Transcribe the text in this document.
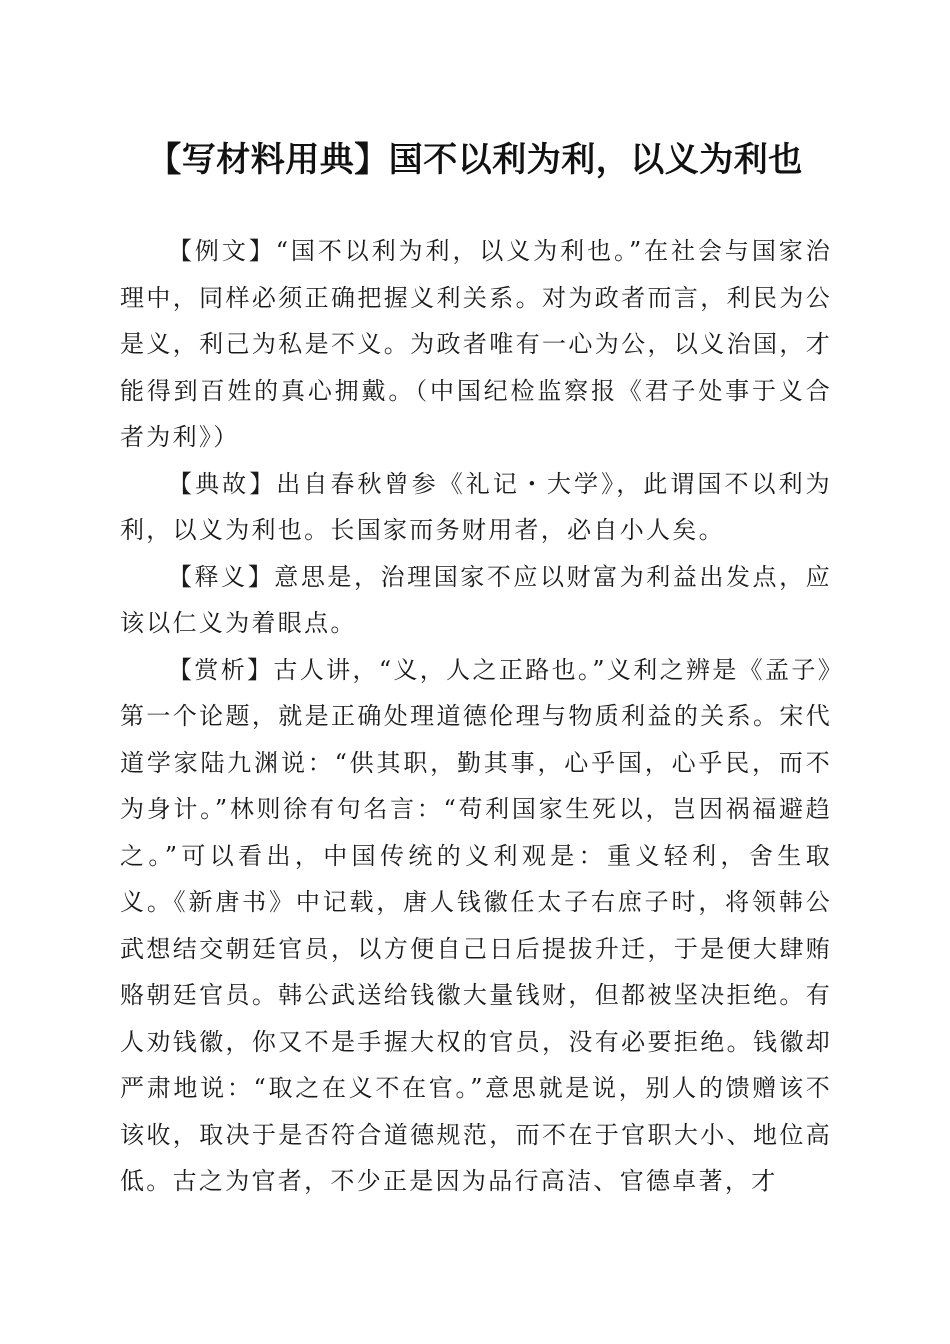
【写材料用典】国不以利为利，以义为利也

【例文】“国不以利为利，以义为利也。”在社会与国家治理中，同样必须正确把握义利关系。对为政者而言，利民为公是义，利己为私是不义。为政者唯有一心为公，以义治国，才能得到百姓的真心拥戴。（中国纪检监察报《君子处事于义合者为利》）

【典故】出自春秋曾参《礼记・大学》，此谓国不以利为利，以义为利也。长国家而务财用者，必自小人矣。

【释义】意思是，治理国家不应以财富为利益出发点，应该以仁义为着眼点。

【赏析】古人讲，“义，人之正路也。”义利之辨是《孟子》第一个论题，就是正确处理道德伦理与物质利益的关系。宋代道学家陆九渊说：“供其职，勤其事，心乎国，心乎民，而不为身计。”林则徐有句名言：“苟利国家生死以，岂因祸福避趋之。”可以看出，中国传统的义利观是：重义轻利，舍生取义。《新唐书》中记载，唐人钱徽任太子右庶子时，将领韩公武想结交朝廷官员，以方便自己日后提拔升迁，于是便大肆贿赂朝廷官员。韩公武送给钱徽大量钱财，但都被坚决拒绝。有人劝钱徽，你又不是手握大权的官员，没有必要拒绝。钱徽却严肃地说：“取之在义不在官。”意思就是说，别人的馈赠该不该收，取决于是否符合道德规范，而不在于官职大小、地位高低。古之为官者，不少正是因为品行高洁、官德卓著，才
